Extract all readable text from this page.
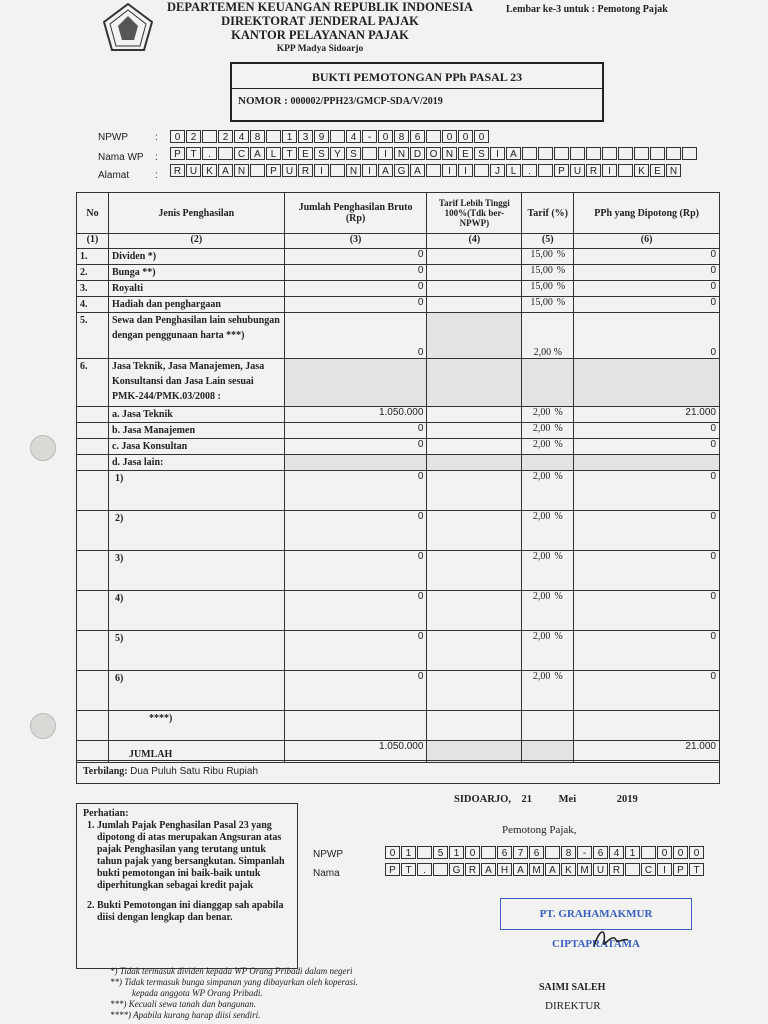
DEPARTEMEN KEUANGAN REPUBLIK INDONESIA
DIREKTORAT JENDERAL PAJAK
KANTOR PELAYANAN PAJAK
KPP Madya Sidoarjo
Lembar ke-3 untuk : Pemotong Pajak
BUKTI PEMOTONGAN PPh PASAL 23
NOMOR : 000002/PPH23/GMCP-SDA/V/2019
NPWP	:	0	2	2	4	8	1	3	9	4	-	0	8	6	0	0	0
Nama WP :	P T	.	C A L	T E S Y S	I	N D O N E S	I	A
Alamat	:	R U K A N	P U R	I	N	I	A G A	I	I	J	L	.	P U R	I	K E N
No	Jenis Penghasilan	Jumlah Penghasilan Bruto (Rp)	Tarif Lebih Tinggi 100%(Tdk ber-NPWP)	Tarif (%)	PPh yang Dipotong (Rp)
(1)	(2)	(3)	(4)	(5)	(6)
1.	Dividen *)	0		15,00 %	0
2.	Bunga **)	0		15,00 %	0
3.	Royalti	0		15,00 %	0
4.	Hadiah dan penghargaan	0		15,00 %	0
5.	Sewa dan Penghasilan lain sehubungan dengan penggunaan harta ***)	0		2,00 %	0
6.	Jasa Teknik, Jasa Manajemen, Jasa Konsultansi dan Jasa Lain sesuai PMK-244/PMK.03/2008 :				
	a. Jasa Teknik	1.050.000		2,00 %	21.000
	b. Jasa Manajemen	0		2,00 %	0
	c. Jasa Konsultan	0		2,00 %	0
	d. Jasa lain:				
	1)	0		2,00 %	0
	2)	0		2,00 %	0
	3)	0		2,00 %	0
	4)	0		2,00 %	0
	5)	0		2,00 %	0
	6)	0		2,00 %	0
	****)				
	JUMLAH	1.050.000			21.000
Terbilang: Dua Puluh Satu Ribu Rupiah
Perhatian:
1. Jumlah Pajak Penghasilan Pasal 23 yang dipotong di atas merupakan Angsuran atas pajak Penghasilan yang terutang untuk tahun pajak yang bersangkutan. Simpanlah bukti pemotongan ini baik-baik untuk diperhitungkan sebagai kredit pajak
2. Bukti Pemotongan ini dianggap sah apabila diisi dengan lengkap dan benar.
SIDOARJO, 21	Mei	2019
Pemotong Pajak,
NPWP	0	1	5	1	0	6	7	6	8	-	6	4	1	0	0	0
Nama	P T	.	G R A H A M A K M U R	C	I	P T
PT. GRAHAMAKMUR CIPTAPRATAMA
SAIMI SALEH
DIREKTUR
*) Tidak termasuk dividen kepada WP Orang Pribadi dalam negeri
**) Tidak termasuk bunga simpanan yang dibayarkan oleh koperasi.
kepada anggota WP Orang Pribadi.
***) Kecuali sewa tanah dan bangunan.
****) Apabila kurang harap diisi sendiri.
